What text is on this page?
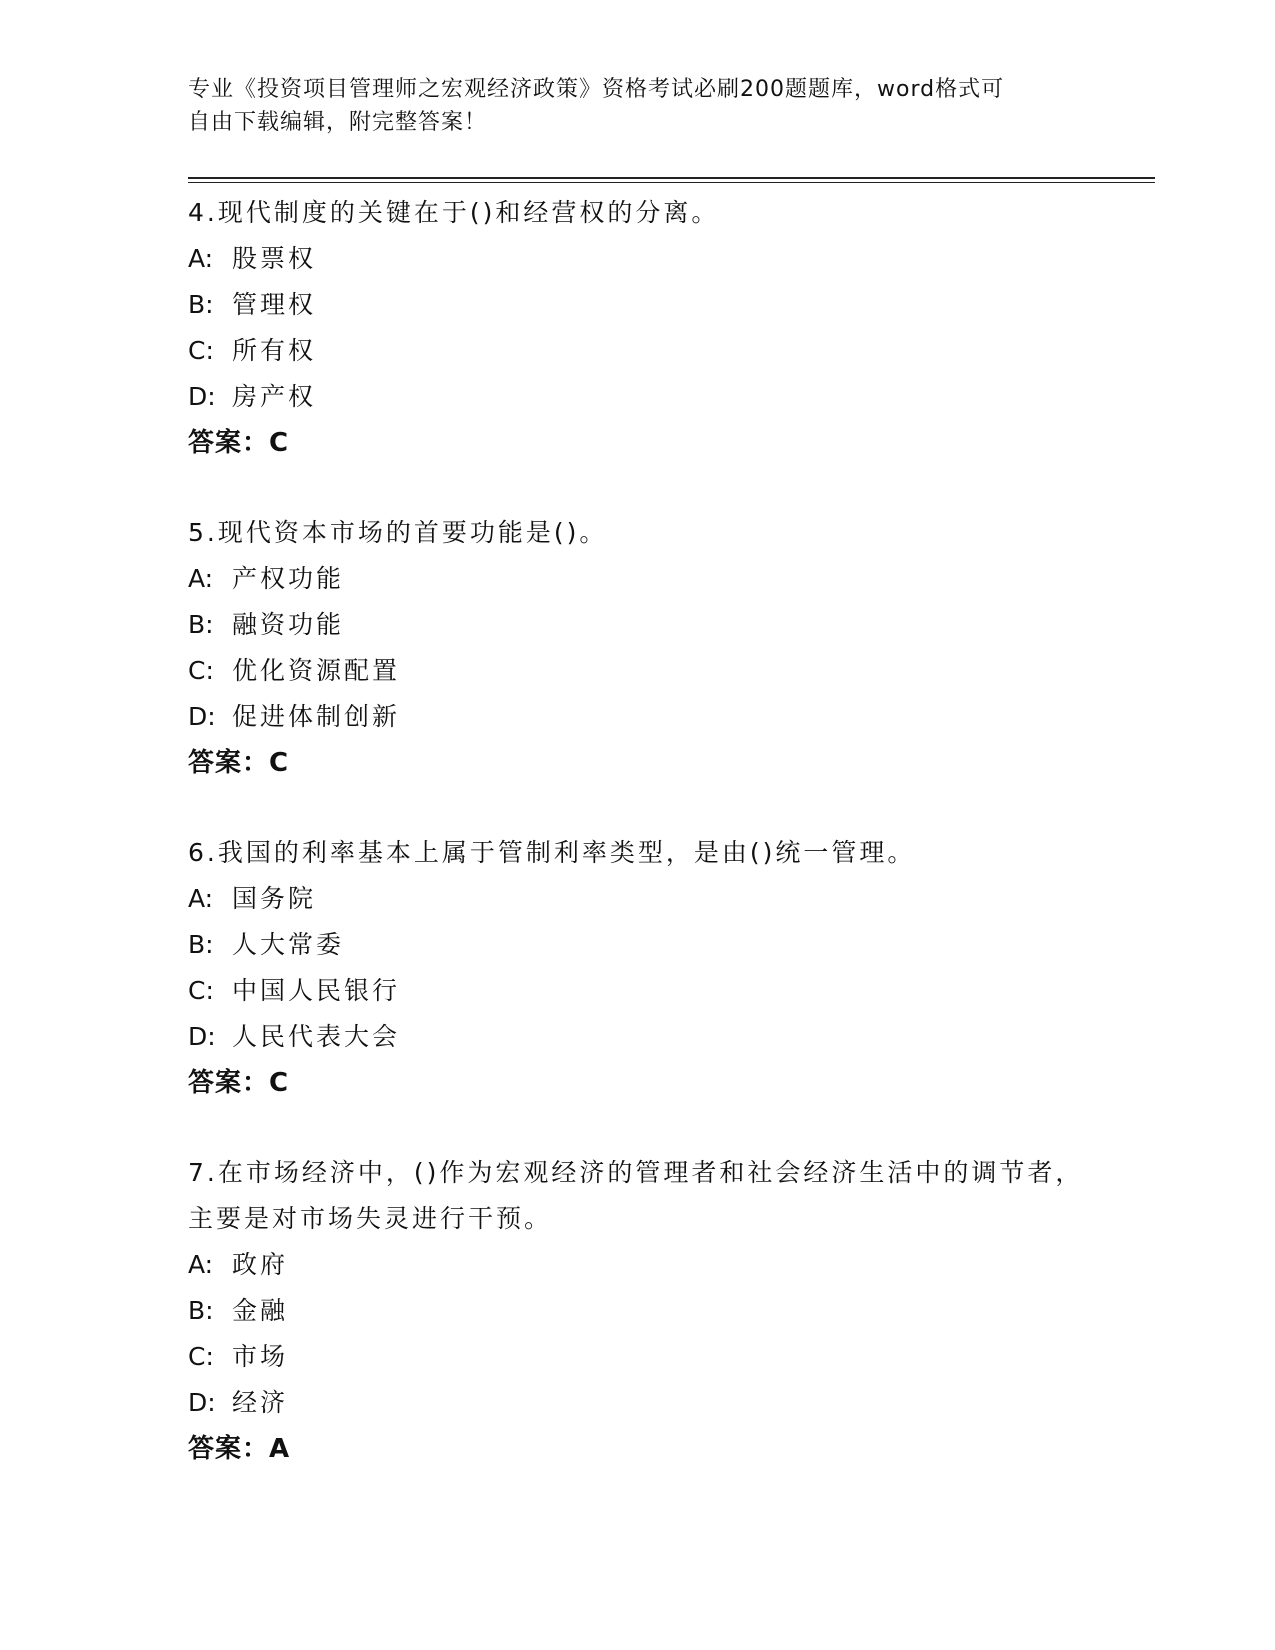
专业《投资项目管理师之宏观经济政策》资格考试必刷200题题库，word格式可
自由下载编辑，附完整答案！
4.现代制度的关键在于()和经营权的分离。
A: 股票权
B: 管理权
C: 所有权
D: 房产权
答案：C
5.现代资本市场的首要功能是()。
A: 产权功能
B: 融资功能
C: 优化资源配置
D: 促进体制创新
答案：C
6.我国的利率基本上属于管制利率类型，是由()统一管理。
A: 国务院
B: 人大常委
C: 中国人民银行
D: 人民代表大会
答案：C
7.在市场经济中，()作为宏观经济的管理者和社会经济生活中的调节者，主要是对市场失灵进行干预。
A: 政府
B: 金融
C: 市场
D: 经济
答案：A
